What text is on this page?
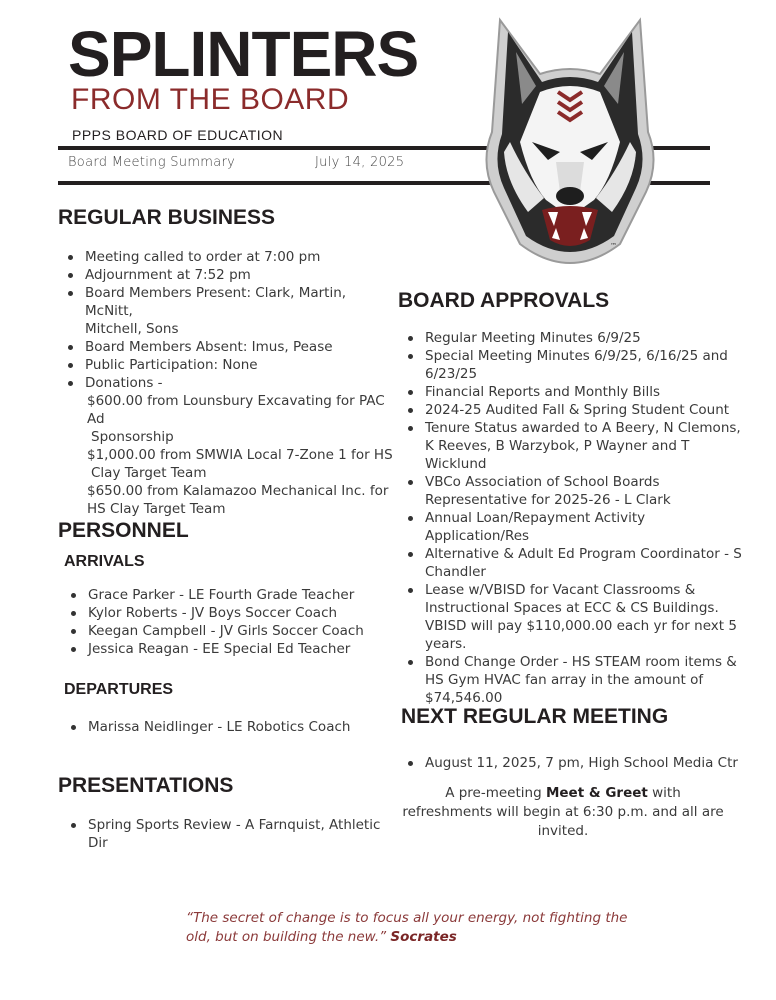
SPLINTERS
FROM THE BOARD
PPPS BOARD OF EDUCATION
Board Meeting Summary	July 14, 2025
™
REGULAR BUSINESS
Meeting called to order at 7:00 pm
Adjournment at 7:52 pm
Board Members Present: Clark, Martin, McNitt,
Mitchell, Sons
Board Members Absent: Imus, Pease
Public Participation: None
Donations -
$600.00 from Lounsbury Excavating for PAC Ad
Sponsorship
$1,000.00 from SMWIA Local 7-Zone 1 for HS
Clay Target Team
$650.00 from Kalamazoo Mechanical Inc. for
HS Clay Target Team
PERSONNEL
ARRIVALS
Grace Parker - LE Fourth Grade Teacher
Kylor Roberts - JV Boys Soccer Coach
Keegan Campbell - JV Girls Soccer Coach
Jessica Reagan - EE Special Ed Teacher
DEPARTURES
Marissa Neidlinger - LE Robotics Coach
PRESENTATIONS
Spring Sports Review - A Farnquist, Athletic Dir
BOARD APPROVALS
Regular Meeting Minutes 6/9/25
Special Meeting Minutes 6/9/25, 6/16/25 and 6/23/25
Financial Reports and Monthly Bills
2024-25 Audited Fall & Spring Student Count
Tenure Status awarded to A Beery, N Clemons, K Reeves, B Warzybok, P Wayner and T Wicklund
VBCo Association of School Boards Representative for 2025-26 - L Clark
Annual Loan/Repayment Activity Application/Res
Alternative & Adult Ed Program Coordinator - S Chandler
Lease w/VBISD for Vacant Classrooms & Instructional Spaces at ECC & CS Buildings. VBISD will pay $110,000.00 each yr for next 5 years.
Bond Change Order - HS STEAM room items & HS Gym HVAC fan array in the amount of $74,546.00
NEXT REGULAR MEETING
August 11, 2025, 7 pm, High School Media Ctr
A pre-meeting Meet & Greet with refreshments will begin at 6:30 p.m. and all are invited.
“The secret of change is to focus all your energy, not fighting the old, but on building the new.” Socrates
